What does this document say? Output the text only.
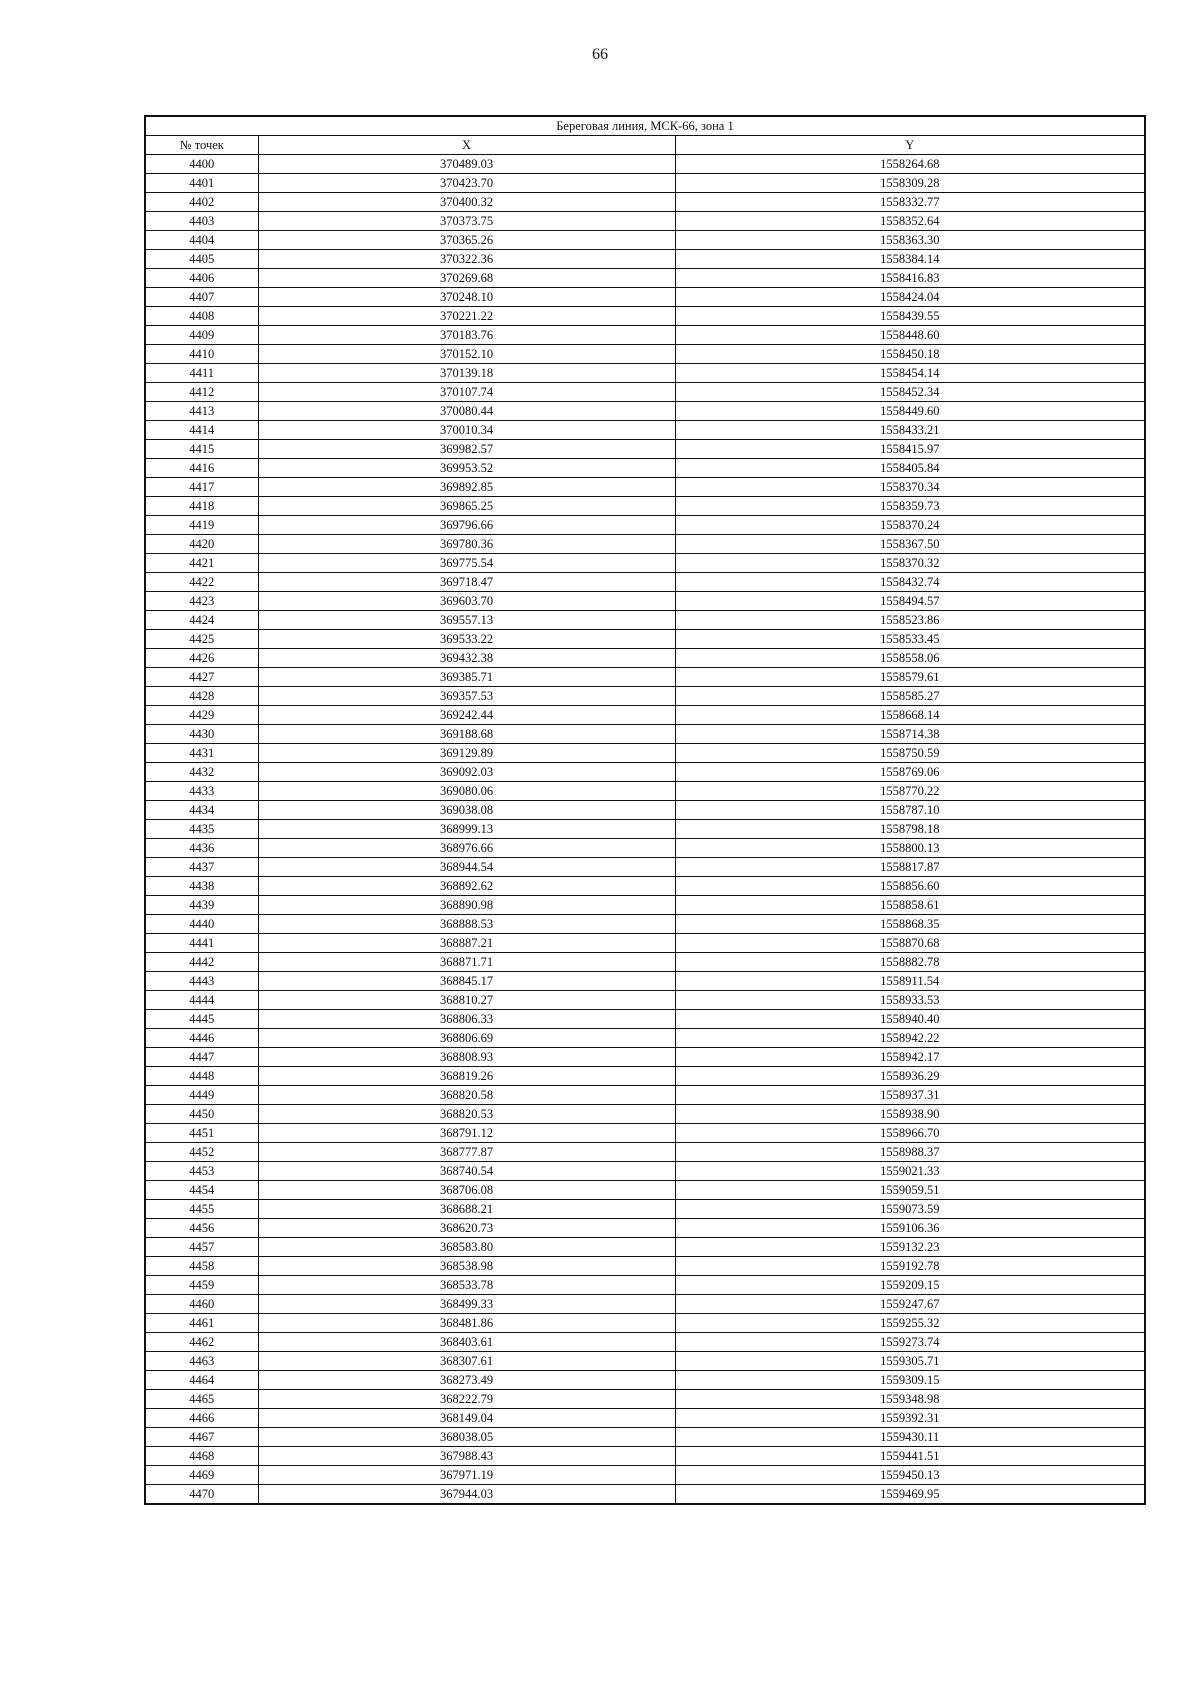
66
Береговая линия, МСК-66, зона 1		
№ точек	X	Y
4400	370489.03	1558264.68
4401	370423.70	1558309.28
4402	370400.32	1558332.77
4403	370373.75	1558352.64
4404	370365.26	1558363.30
4405	370322.36	1558384.14
4406	370269.68	1558416.83
4407	370248.10	1558424.04
4408	370221.22	1558439.55
4409	370183.76	1558448.60
4410	370152.10	1558450.18
4411	370139.18	1558454.14
4412	370107.74	1558452.34
4413	370080.44	1558449.60
4414	370010.34	1558433.21
4415	369982.57	1558415.97
4416	369953.52	1558405.84
4417	369892.85	1558370.34
4418	369865.25	1558359.73
4419	369796.66	1558370.24
4420	369780.36	1558367.50
4421	369775.54	1558370.32
4422	369718.47	1558432.74
4423	369603.70	1558494.57
4424	369557.13	1558523.86
4425	369533.22	1558533.45
4426	369432.38	1558558.06
4427	369385.71	1558579.61
4428	369357.53	1558585.27
4429	369242.44	1558668.14
4430	369188.68	1558714.38
4431	369129.89	1558750.59
4432	369092.03	1558769.06
4433	369080.06	1558770.22
4434	369038.08	1558787.10
4435	368999.13	1558798.18
4436	368976.66	1558800.13
4437	368944.54	1558817.87
4438	368892.62	1558856.60
4439	368890.98	1558858.61
4440	368888.53	1558868.35
4441	368887.21	1558870.68
4442	368871.71	1558882.78
4443	368845.17	1558911.54
4444	368810.27	1558933.53
4445	368806.33	1558940.40
4446	368806.69	1558942.22
4447	368808.93	1558942.17
4448	368819.26	1558936.29
4449	368820.58	1558937.31
4450	368820.53	1558938.90
4451	368791.12	1558966.70
4452	368777.87	1558988.37
4453	368740.54	1559021.33
4454	368706.08	1559059.51
4455	368688.21	1559073.59
4456	368620.73	1559106.36
4457	368583.80	1559132.23
4458	368538.98	1559192.78
4459	368533.78	1559209.15
4460	368499.33	1559247.67
4461	368481.86	1559255.32
4462	368403.61	1559273.74
4463	368307.61	1559305.71
4464	368273.49	1559309.15
4465	368222.79	1559348.98
4466	368149.04	1559392.31
4467	368038.05	1559430.11
4468	367988.43	1559441.51
4469	367971.19	1559450.13
4470	367944.03	1559469.95
